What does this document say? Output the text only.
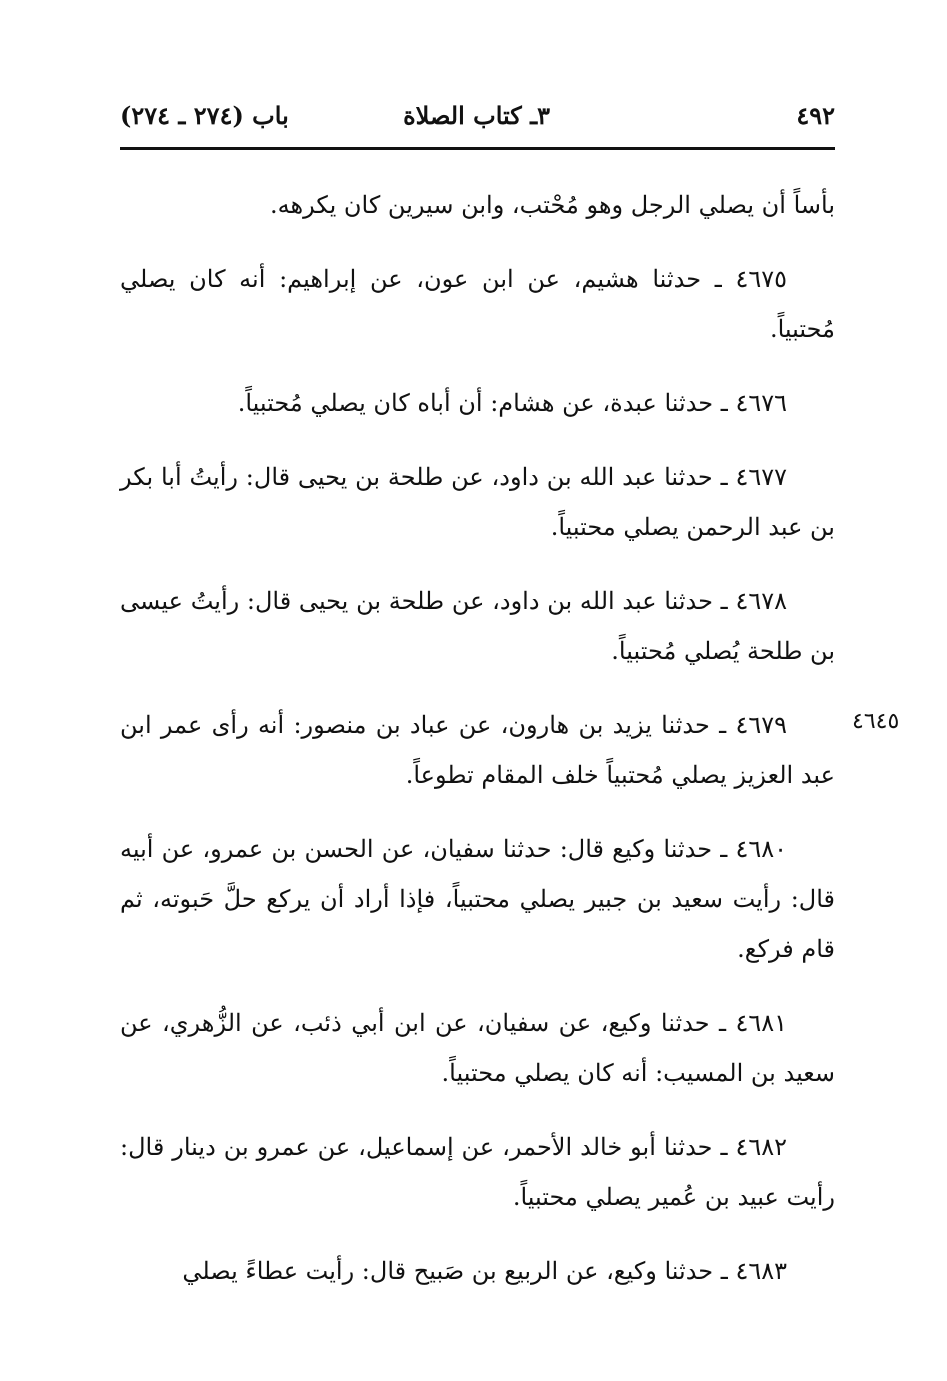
٤٩٢
٣ـ كتاب الصلاة
باب (٢٧٤ ـ ٢٧٤)
٤٦٤٥

بأساً أن يصلي الرجل وهو مُحْتب، وابن سيرين كان يكرهه.

٤٦٧٥ ـ حدثنا هشيم، عن ابن عون، عن إبراهيم: أنه كان يصلي مُحتبياً.

٤٦٧٦ ـ حدثنا عبدة، عن هشام: أن أباه كان يصلي مُحتبياً.

٤٦٧٧ ـ حدثنا عبد الله بن داود، عن طلحة بن يحيى قال: رأيتُ أبا بكر بن عبد الرحمن يصلي محتبياً.

٤٦٧٨ ـ حدثنا عبد الله بن داود، عن طلحة بن يحيى قال: رأيتُ عيسى بن طلحة يُصلي مُحتبياً.

٤٦٧٩ ـ حدثنا يزيد بن هارون، عن عباد بن منصور: أنه رأى عمر ابن عبد العزيز يصلي مُحتبياً خلف المقام تطوعاً.

٤٦٨٠ ـ حدثنا وكيع قال: حدثنا سفيان، عن الحسن بن عمرو، عن أبيه قال: رأيت سعيد بن جبير يصلي محتبياً، فإذا أراد أن يركع حلَّ حَبوته، ثم قام فركع.

٤٦٨١ ـ حدثنا وكيع، عن سفيان، عن ابن أبي ذئب، عن الزُّهري، عن سعيد بن المسيب: أنه كان يصلي محتبياً.

٤٦٨٢ ـ حدثنا أبو خالد الأحمر، عن إسماعيل، عن عمرو بن دينار قال: رأيت عبيد بن عُمير يصلي محتبياً.

٤٦٨٣ ـ حدثنا وكيع، عن الربيع بن صَبيح قال: رأيت عطاءً يصلي
